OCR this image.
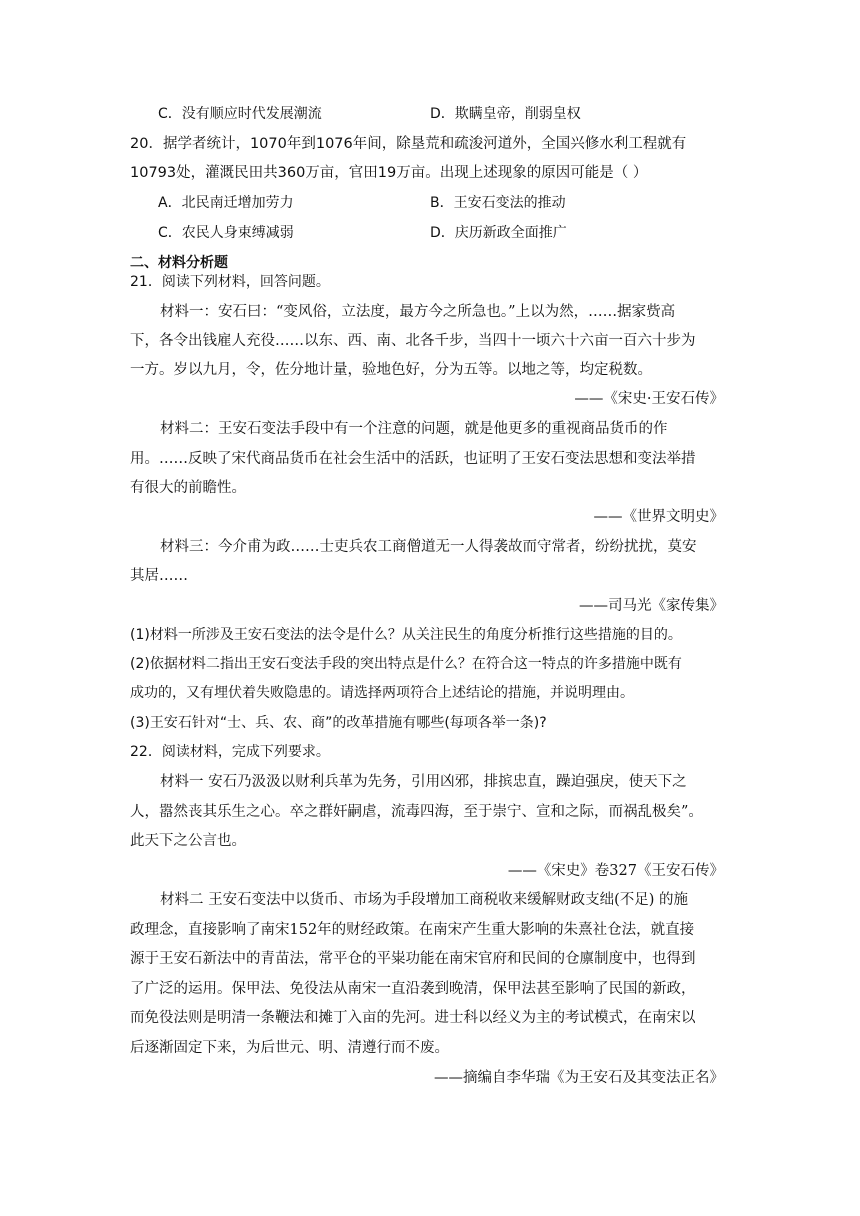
C．没有顺应时代发展潮流	D．欺瞒皇帝，削弱皇权
20．据学者统计，1070年到1076年间，除垦荒和疏浚河道外，全国兴修水利工程就有
10793处，灌溉民田共360万亩，官田19万亩。出现上述现象的原因可能是（ ）
A．北民南迁增加劳力	B．王安石变法的推动
C．农民人身束缚减弱	D．庆历新政全面推广
二、材料分析题
21．阅读下列材料，回答问题。
材料一：安石曰：“变风俗，立法度，最方今之所急也。”上以为然，……据家赀高
下，各令出钱雇人充役……以东、西、南、北各千步，当四十一顷六十六亩一百六十步为
一方。岁以九月，令，佐分地计量，验地色好，分为五等。以地之等，均定税数。
——《宋史·王安石传》
材料二：王安石变法手段中有一个注意的问题，就是他更多的重视商品货币的作
用。……反映了宋代商品货币在社会生活中的活跃，也证明了王安石变法思想和变法举措
有很大的前瞻性。
——《世界文明史》
材料三：今介甫为政……士吏兵农工商僧道无一人得袭故而守常者，纷纷扰扰，莫安
其居……
——司马光《家传集》
(1)材料一所涉及王安石变法的法令是什么？从关注民生的角度分析推行这些措施的目的。
(2)依据材料二指出王安石变法手段的突出特点是什么？在符合这一特点的许多措施中既有
成功的，又有埋伏着失败隐患的。请选择两项符合上述结论的措施，并说明理由。
(3)王安石针对“士、兵、农、商”的改革措施有哪些(每项各举一条)?
22．阅读材料，完成下列要求。
材料一 安石乃汲汲以财利兵革为先务，引用凶邪，排摈忠直，躁迫强戾，使天下之
人，嚣然丧其乐生之心。卒之群奸嗣虐，流毒四海，至于崇宁、宣和之际，而祸乱极矣”。
此天下之公言也。
——《宋史》卷327《王安石传》
材料二 王安石变法中以货币、市场为手段增加工商税收来缓解财政支绌(不足) 的施
政理念，直接影响了南宋152年的财经政策。在南宋产生重大影响的朱熹社仓法，就直接
源于王安石新法中的青苗法，常平仓的平粜功能在南宋官府和民间的仓廪制度中，也得到
了广泛的运用。保甲法、免役法从南宋一直沿袭到晚清，保甲法甚至影响了民国的新政，
而免役法则是明清一条鞭法和摊丁入亩的先河。进士科以经义为主的考试模式，在南宋以
后逐渐固定下来，为后世元、明、清遵行而不废。
——摘编自李华瑞《为王安石及其变法正名》
